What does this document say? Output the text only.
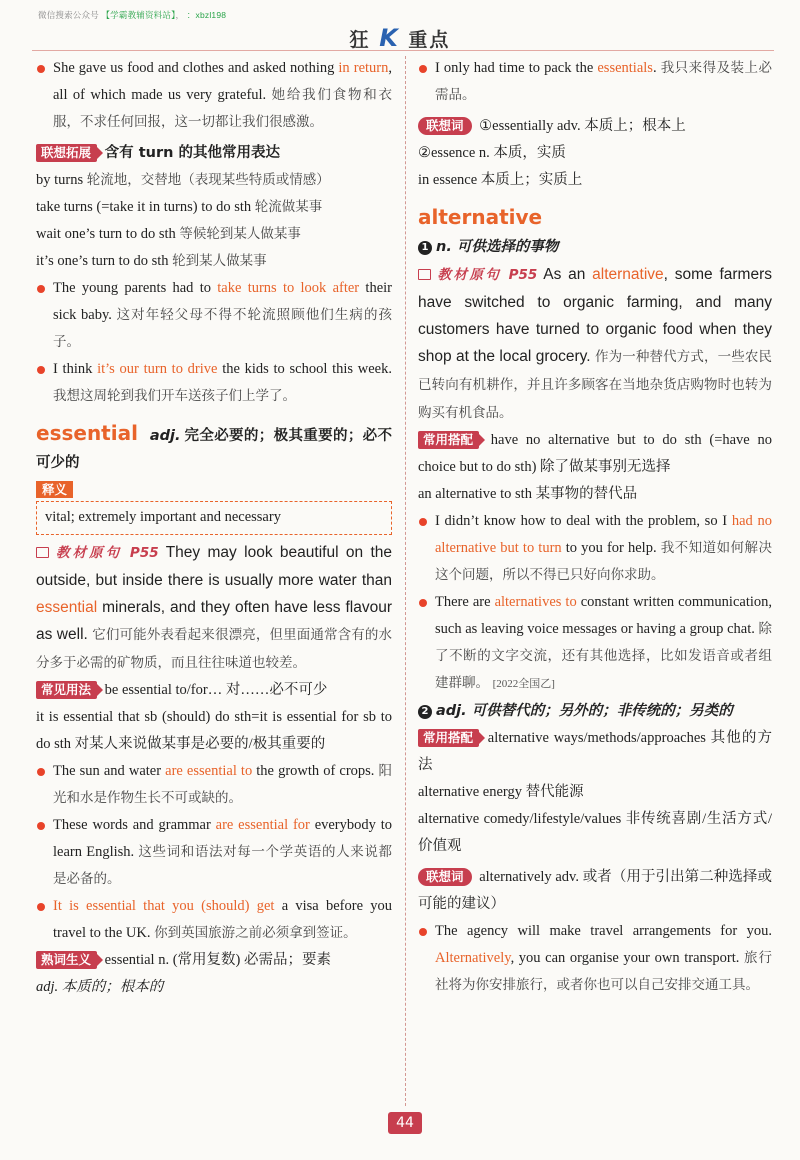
微信搜索公众号 【学霸教辅资料站】， ：xbzl198
狂 K 重点

She gave us food and clothes and asked nothing in return, all of which made us very grateful. 她给我们食物和衣服，不求任何回报，这一切都让我们很感激。

联想拓展 含有 turn 的其他常用表达

by turns 轮流地，交替地（表现某些特质或情感）

take turns (=take it in turns) to do sth 轮流做某事

wait one’s turn to do sth 等候轮到某人做某事

it’s one’s turn to do sth 轮到某人做某事

The young parents had to take turns to look after their sick baby. 这对年轻父母不得不轮流照顾他们生病的孩子。

I think it’s our turn to drive the kids to school this week. 我想这周轮到我们开车送孩子们上学了。

essential adj. 完全必要的；极其重要的；必不可少的

释义
vital; extremely important and necessary

教材原句 P55 They may look beautiful on the outside, but inside there is usually more water than essential minerals, and they often have less flavour as well. 它们可能外表看起来很漂亮，但里面通常含有的水分多于必需的矿物质，而且往往味道也较差。

常见用法 be essential to/for… 对……必不可少

it is essential that sb (should) do sth=it is essential for sb to do sth 对某人来说做某事是必要的/极其重要的

The sun and water are essential to the growth of crops. 阳光和水是作物生长不可或缺的。

These words and grammar are essential for everybody to learn English. 这些词和语法对每一个学英语的人来说都是必备的。

It is essential that you (should) get a visa before you travel to the UK. 你到英国旅游之前必须拿到签证。

熟词生义 essential n. (常用复数) 必需品；要素

adj. 本质的；根本的

I only had time to pack the essentials. 我只来得及装上必需品。

联想词 ①essentially adv. 本质上；根本上

②essence n. 本质，实质

in essence 本质上；实质上

alternative

1 n. 可供选择的事物

教材原句 P55 As an alternative, some farmers have switched to organic farming, and many customers have turned to organic food when they shop at the local grocery. 作为一种替代方式，一些农民已转向有机耕作，并且许多顾客在当地杂货店购物时也转为购买有机食品。

常用搭配 have no alternative but to do sth (=have no choice but to do sth) 除了做某事别无选择

an alternative to sth 某事物的替代品

I didn’t know how to deal with the problem, so I had no alternative but to turn to you for help. 我不知道如何解决这个问题，所以不得已只好向你求助。

There are alternatives to constant written communication, such as leaving voice messages or having a group chat. 除了不断的文字交流，还有其他选择，比如发语音或者组建群聊。 [2022全国乙]

2 adj. 可供替代的；另外的；非传统的；另类的

常用搭配 alternative ways/methods/approaches 其他的方法

alternative energy 替代能源

alternative comedy/lifestyle/values 非传统喜剧/生活方式/价值观

联想词 alternatively adv. 或者（用于引出第二种选择或可能的建议）

The agency will make travel arrangements for you. Alternatively, you can organise your own transport. 旅行社将为你安排旅行，或者你也可以自己安排交通工具。

44
